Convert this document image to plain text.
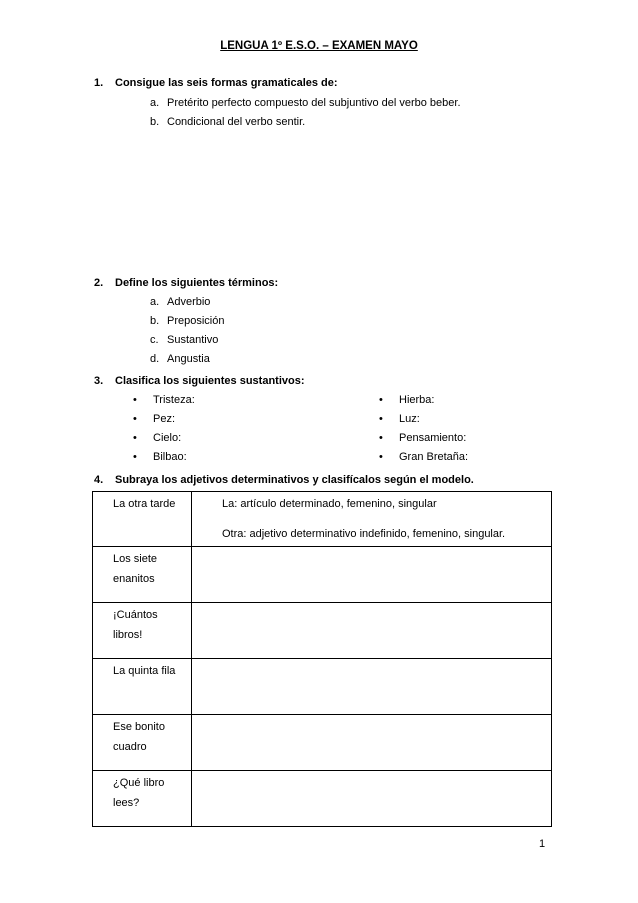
LENGUA 1º E.S.O. – EXAMEN MAYO
1. Consigue las seis formas gramaticales de:
a. Pretérito perfecto compuesto del subjuntivo del verbo beber.
b. Condicional del verbo sentir.
2. Define los siguientes términos:
a. Adverbio
b. Preposición
c. Sustantivo
d. Angustia
3. Clasifica los siguientes sustantivos:
• Tristeza:
• Pez:
• Cielo:
• Bilbao:
• Hierba:
• Luz:
• Pensamiento:
• Gran Bretaña:
4. Subraya los adjetivos determinativos y clasifícalos según el modelo.
La otra tarde	La: artículo determinado, femenino, singular
Otra: adjetivo determinativo indefinido, femenino, singular.

Los siete
enanitos	

¡Cuántos
libros!	

La quinta fila	

Ese bonito
cuadro	

¿Qué libro
lees?	

1
